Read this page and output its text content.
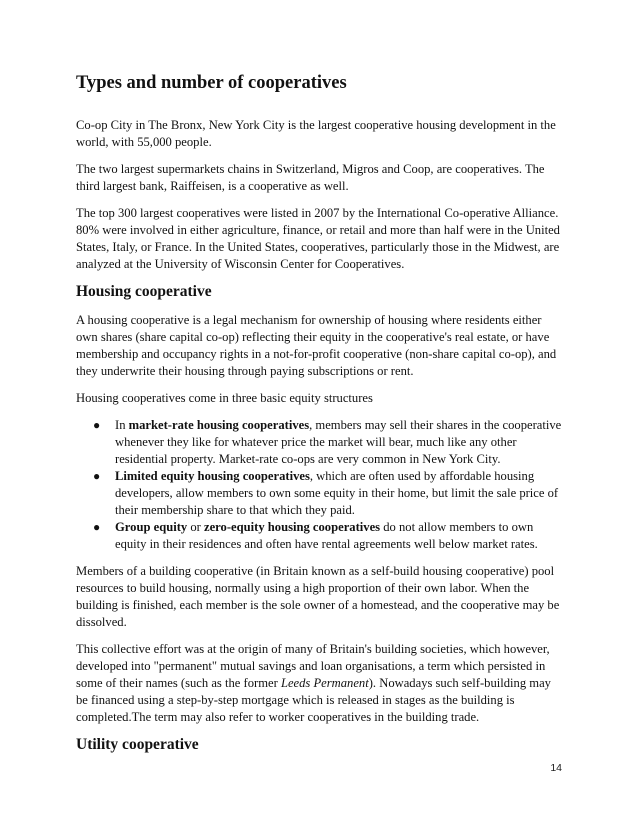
Types and number of cooperatives

Co-op City in The Bronx, New York City is the largest cooperative housing development in the world, with 55,000 people.

The two largest supermarkets chains in Switzerland, Migros and Coop, are cooperatives. The third largest bank, Raiffeisen, is a cooperative as well.

The top 300 largest cooperatives were listed in 2007 by the International Co-operative Alliance. 80% were involved in either agriculture, finance, or retail and more than half were in the United States, Italy, or France. In the United States, cooperatives, particularly those in the Midwest, are analyzed at the University of Wisconsin Center for Cooperatives.

Housing cooperative

A housing cooperative is a legal mechanism for ownership of housing where residents either own shares (share capital co-op) reflecting their equity in the cooperative's real estate, or have membership and occupancy rights in a not-for-profit cooperative (non-share capital co-op), and they underwrite their housing through paying subscriptions or rent.

Housing cooperatives come in three basic equity structures

● In market-rate housing cooperatives, members may sell their shares in the cooperative whenever they like for whatever price the market will bear, much like any other residential property. Market-rate co-ops are very common in New York City.
● Limited equity housing cooperatives, which are often used by affordable housing developers, allow members to own some equity in their home, but limit the sale price of their membership share to that which they paid.
● Group equity or zero-equity housing cooperatives do not allow members to own equity in their residences and often have rental agreements well below market rates.

Members of a building cooperative (in Britain known as a self-build housing cooperative) pool resources to build housing, normally using a high proportion of their own labor. When the building is finished, each member is the sole owner of a homestead, and the cooperative may be dissolved.

This collective effort was at the origin of many of Britain's building societies, which however, developed into "permanent" mutual savings and loan organisations, a term which persisted in some of their names (such as the former Leeds Permanent). Nowadays such self-building may be financed using a step-by-step mortgage which is released in stages as the building is completed.The term may also refer to worker cooperatives in the building trade.

Utility cooperative
14
